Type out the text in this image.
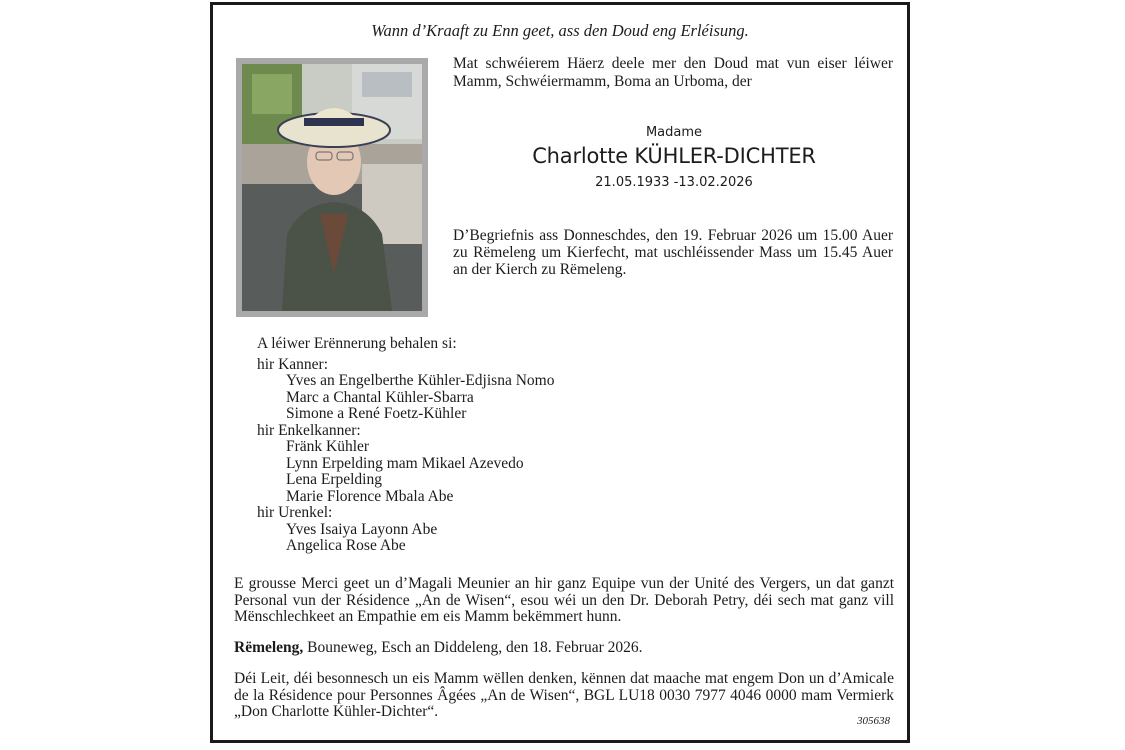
Wann d’Kraaft zu Enn geet, ass den Doud eng Erléisung.
Mat schwéierem Häerz deele mer den Doud mat vun eiser léiwer Mamm, Schwéiermamm, Boma an Urboma, der
Madame
Charlotte KÜHLER-DICHTER
21.05.1933 -13.02.2026
D’Begriefnis ass Donneschdes, den 19. Februar 2026 um 15.00 Auer zu Rëmeleng um Kierfecht, mat uschléissender Mass um 15.45 Auer an der Kierch zu Rëmeleng.
A léiwer Erënnerung behalen si:
hir Kanner:
Yves an Engelberthe Kühler-Edjisna Nomo
Marc a Chantal Kühler-Sbarra
Simone a René Foetz-Kühler
hir Enkelkanner:
Fränk Kühler
Lynn Erpelding mam Mikael Azevedo
Lena Erpelding
Marie Florence Mbala Abe
hir Urenkel:
Yves Isaiya Layonn Abe
Angelica Rose Abe
E grousse Merci geet un d’Magali Meunier an hir ganz Equipe vun der Unité des Vergers, un dat ganzt Personal vun der Résidence „An de Wisen“, esou wéi un den Dr. Deborah Petry, déi sech mat ganz vill Mënschlechkeet an Empathie em eis Mamm bekëmmert hunn.
Rëmeleng, Bouneweg, Esch an Diddeleng, den 18. Februar 2026.
Déi Leit, déi besonnesch un eis Mamm wëllen denken, kënnen dat maache mat engem Don un d’Amicale de la Résidence pour Personnes Âgées „An de Wisen“, BGL LU18 0030 7977 4046 0000 mam Vermierk „Don Charlotte Kühler-Dichter“.
305638
